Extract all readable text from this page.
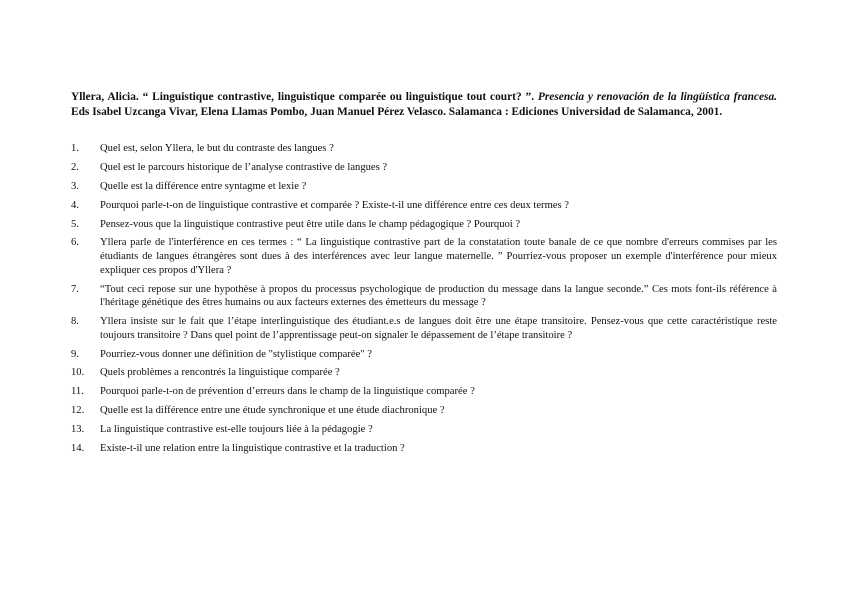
Yllera, Alicia. “ Linguistique contrastive, linguistique comparée ou linguistique tout court? ”. Presencia y renovación de la lingüística francesa. Eds Isabel Uzcanga Vivar, Elena Llamas Pombo, Juan Manuel Pérez Velasco. Salamanca : Ediciones Universidad de Salamanca, 2001.

1.	Quel est, selon Yllera, le but du contraste des langues ?
2.	Quel est le parcours historique de l’analyse contrastive de langues ?
3.	Quelle est la différence entre syntagme et lexie ?
4.	Pourquoi parle-t-on de linguistique contrastive et comparée ? Existe-t-il une différence entre ces deux termes ?
5.	Pensez-vous que la linguistique contrastive peut être utile dans le champ pédagogique ? Pourquoi ?
6.	Yllera parle de l'interférence en ces termes : “ La linguistique contrastive part de la constatation toute banale de ce que nombre d'erreurs commises par les étudiants de langues étrangères sont dues à des interférences avec leur langue maternelle. ” Pourriez-vous proposer un exemple d'interférence pour mieux expliquer ces propos d'Yllera ?
7.	“Tout ceci repose sur une hypothèse à propos du processus psychologique de production du message dans la langue seconde.” Ces mots font-ils référence à l'héritage génétique des êtres humains ou aux facteurs externes des émetteurs du message ?
8.	Yllera insiste sur le fait que l’étape interlinguistique des étudiant.e.s de langues doit être une étape transitoire. Pensez-vous que cette caractéristique reste toujours transitoire ? Dans quel point de l’apprentissage peut-on signaler le dépassement de l’étape transitoire ?
9.	Pourriez-vous donner une définition de "stylistique comparée" ?
10.	Quels problèmes a rencontrés la linguistique comparée ?
11.	Pourquoi parle-t-on de prévention d’erreurs dans le champ de la linguistique comparée ?
12.	Quelle est la différence entre une étude synchronique et une étude diachronique ?
13.	La linguistique contrastive est-elle toujours liée à la pédagogie ?
14.	Existe-t-il une relation entre la linguistique contrastive et la traduction ?
